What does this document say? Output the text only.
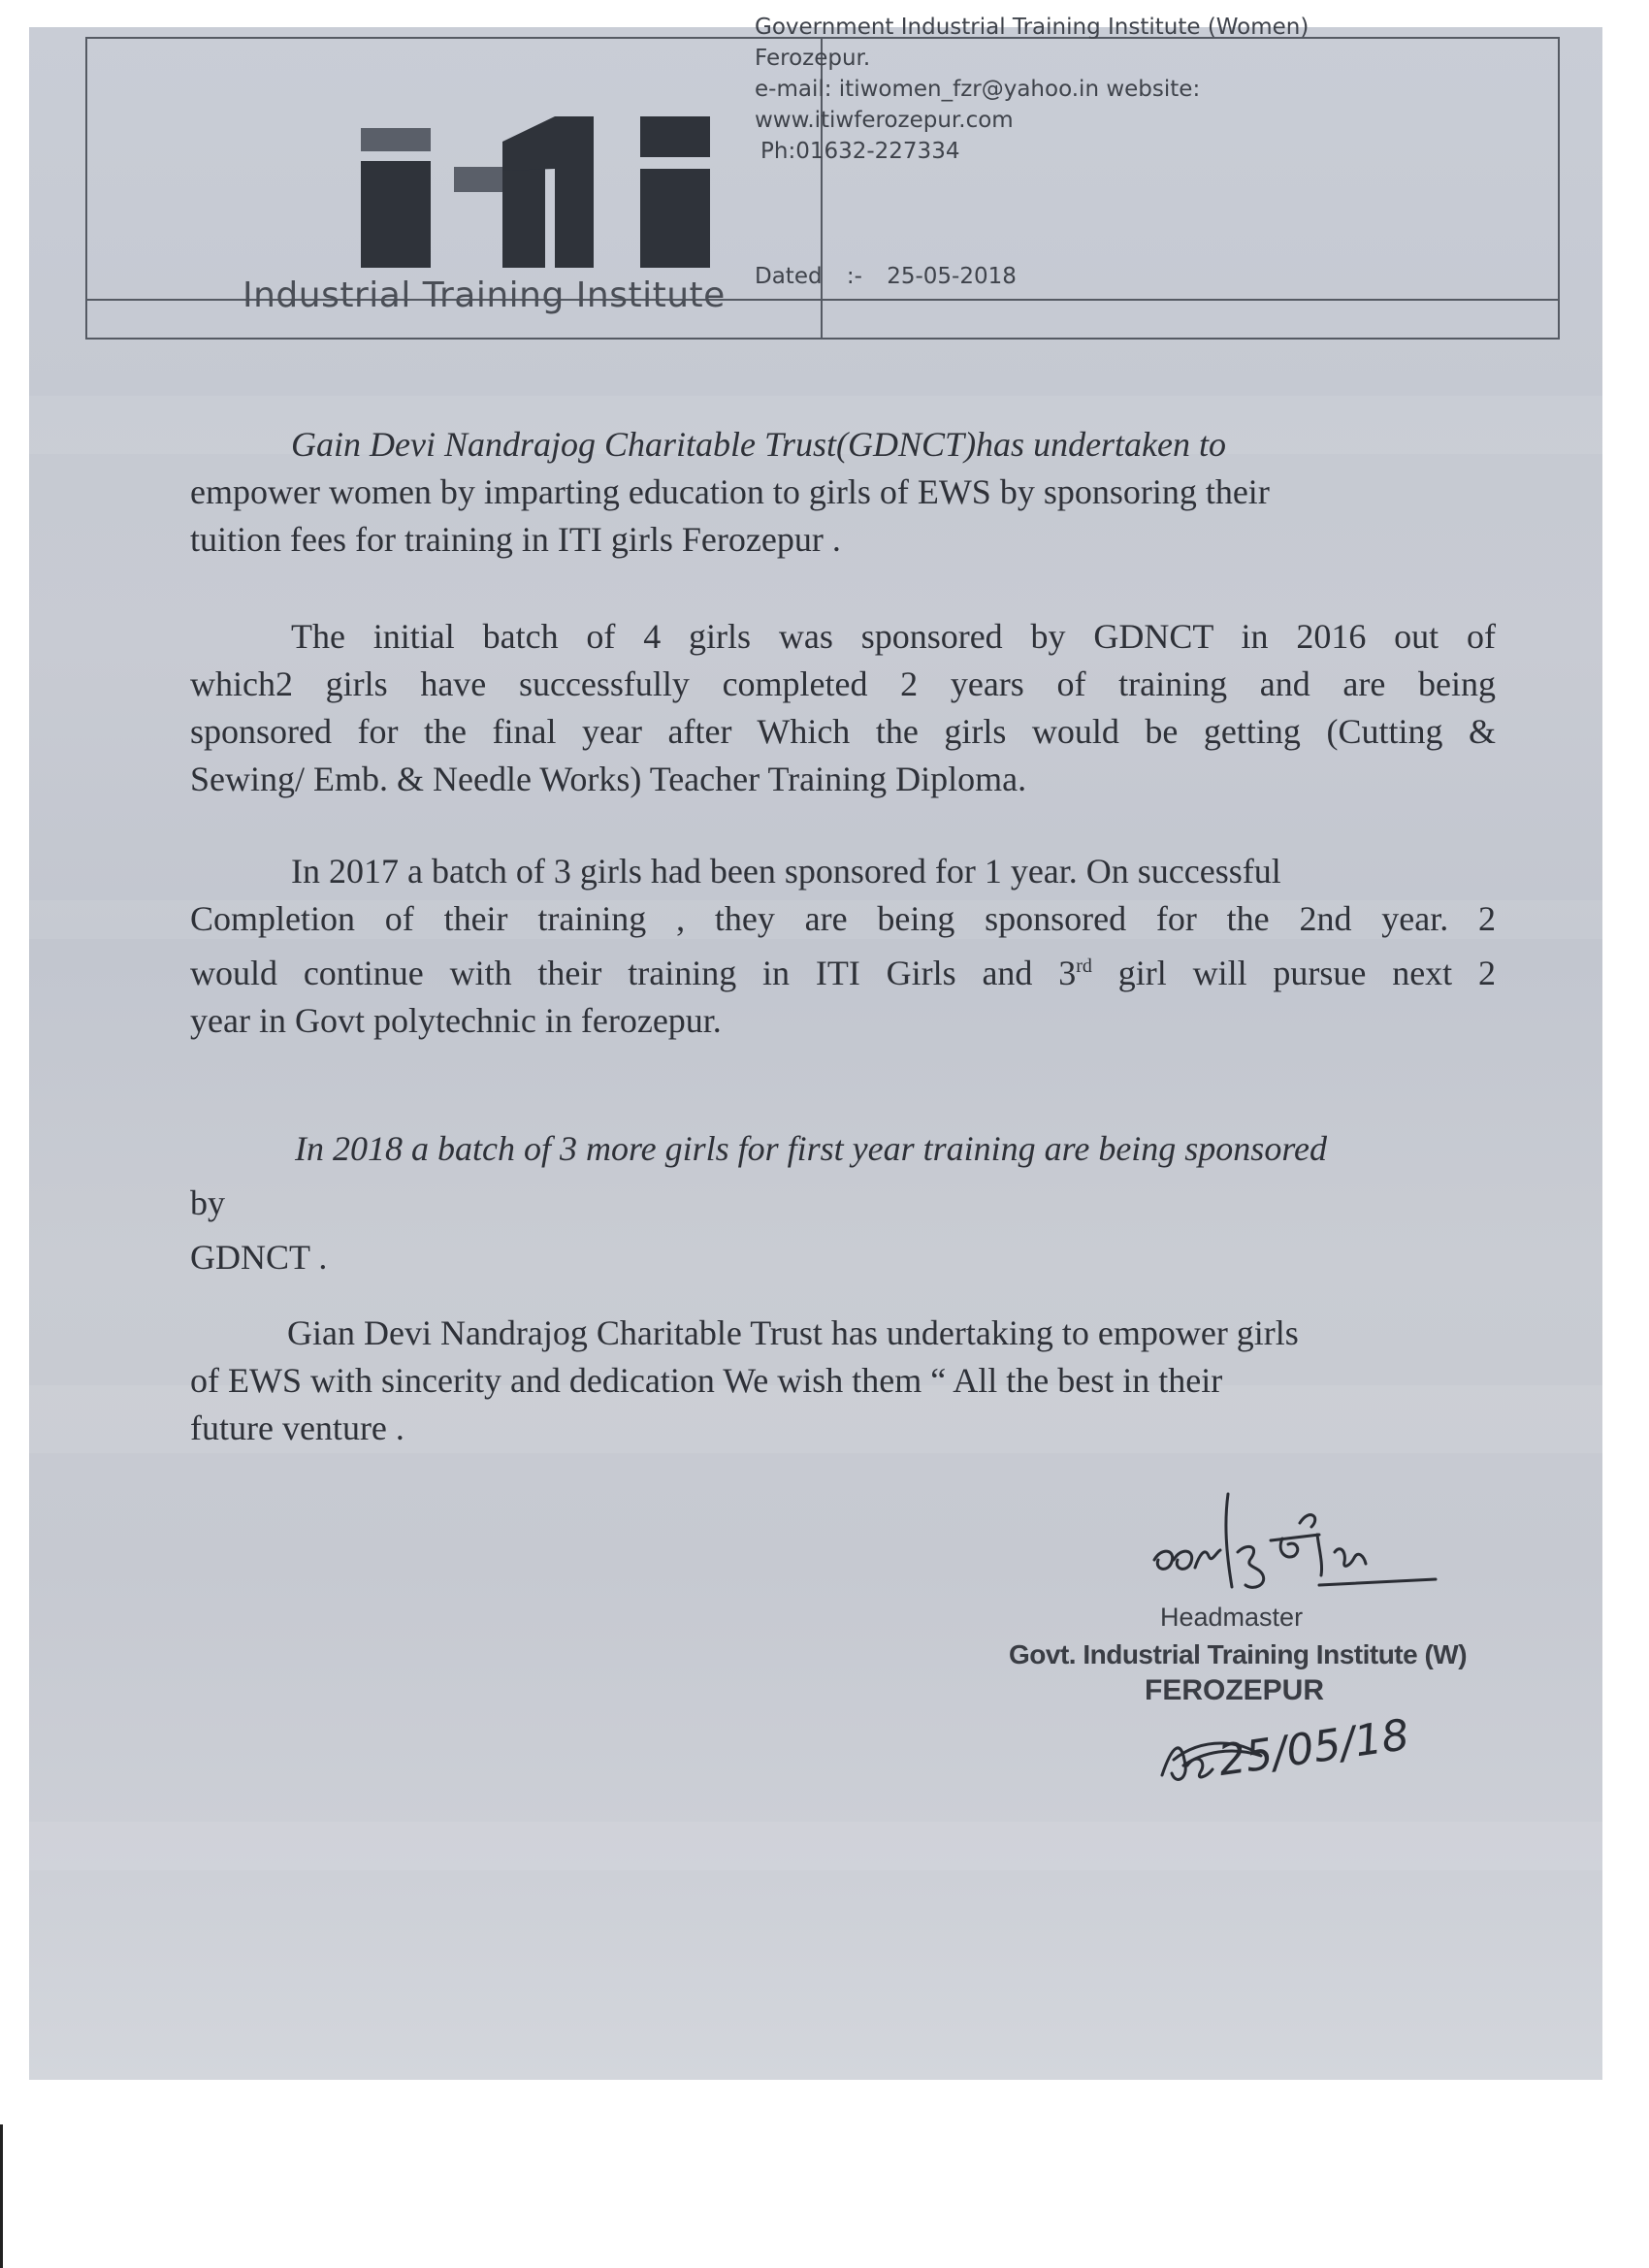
Industrial Training Institute
Government Industrial Training Institute (Women)
Ferozepur.
e-mail: itiwomen_fzr@yahoo.in website:
www.itiwferozepur.com
Ph:01632-227334
Dated :- 25-05-2018
Gain Devi Nandrajog Charitable Trust(GDNCT)has undertaken to
empower women by imparting education to girls of EWS by sponsoring their
tuition fees for training in ITI girls Ferozepur .
The initial batch of 4 girls was sponsored by GDNCT in 2016 out of
which2 girls have successfully completed 2 years of training and are being
sponsored for the final year after Which the girls would be getting (Cutting &
Sewing/ Emb. & Needle Works) Teacher Training Diploma.
In 2017 a batch of 3 girls had been sponsored for 1 year. On successful
Completion of their training , they are being sponsored for the 2nd year. 2
would continue with their training in ITI Girls and 3rd girl will pursue next 2
year in Govt polytechnic in ferozepur.
In 2018 a batch of 3 more girls for first year training are being sponsored
by
GDNCT .
Gian Devi Nandrajog Charitable Trust has undertaking to empower girls
of EWS with sincerity and dedication We wish them “ All the best in their
future venture .
Headmaster
Govt. Industrial Training Institute (W)
FEROZEPUR
25/05/18
